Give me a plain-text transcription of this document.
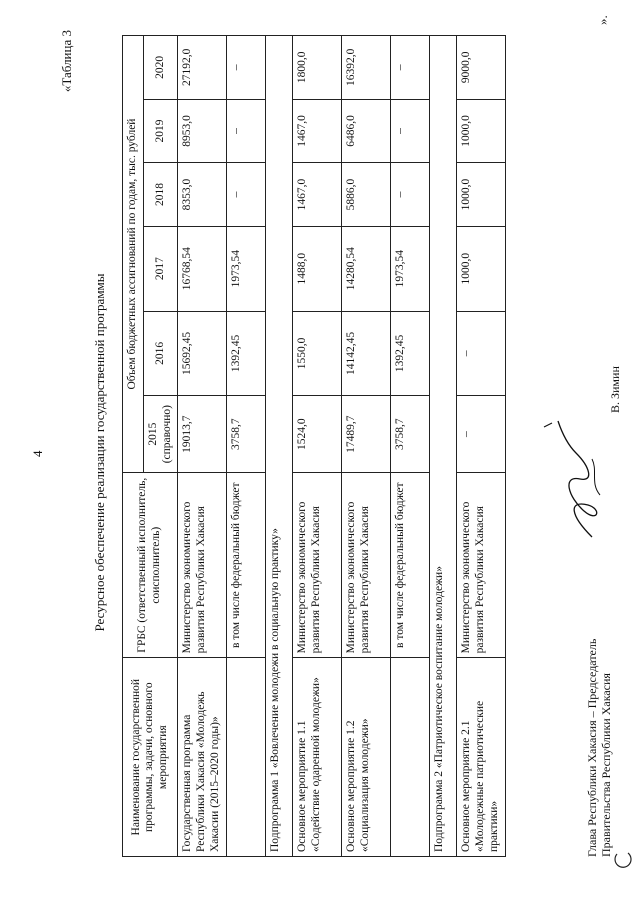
4
«Таблица 3
Ресурсное обеспечение реализации государственной программы
Наименование государственной программы, задачи, основного мероприятия	ГРБС (ответственный исполнитель, соисполнитель)	Объем бюджетных ассигнований по годам, тыс. рублей					
		2015 (справочно)	2016	2017	2018	2019	2020
Государственная программа Республики Хакасия «Молодежь Хакасии (2015–2020 годы)»	Министерство экономического развития Республики Хакасия	19013,7	15692,45	16768,54	8353,0	8953,0	27192,0
	в том числе федеральный бюджет	3758,7	1392,45	1973,54	–	–	–
Подпрограмма 1 «Вовлечение молодежи в социальную практику»							
Основное мероприятие 1.1 «Содействие одаренной молодежи»	Министерство экономического развития Республики Хакасия	1524,0	1550,0	1488,0	1467,0	1467,0	1800,0
Основное мероприятие 1.2 «Социализация молодежи»	Министерство экономического развития Республики Хакасия	17489,7	14142,45	14280,54	5886,0	6486,0	16392,0
	в том числе федеральный бюджет	3758,7	1392,45	1973,54	–	–	–
Подпрограмма 2 «Патриотическое воспитание молодежи»							
Основное мероприятие 2.1 «Молодежные патриотические практики»	Министерство экономического развития Республики Хакасия	–	–	1000,0	1000,0	1000,0	9000,0
».
Глава Республики Хакасия – Председатель Правительства Республики Хакасия
В. Зимин
